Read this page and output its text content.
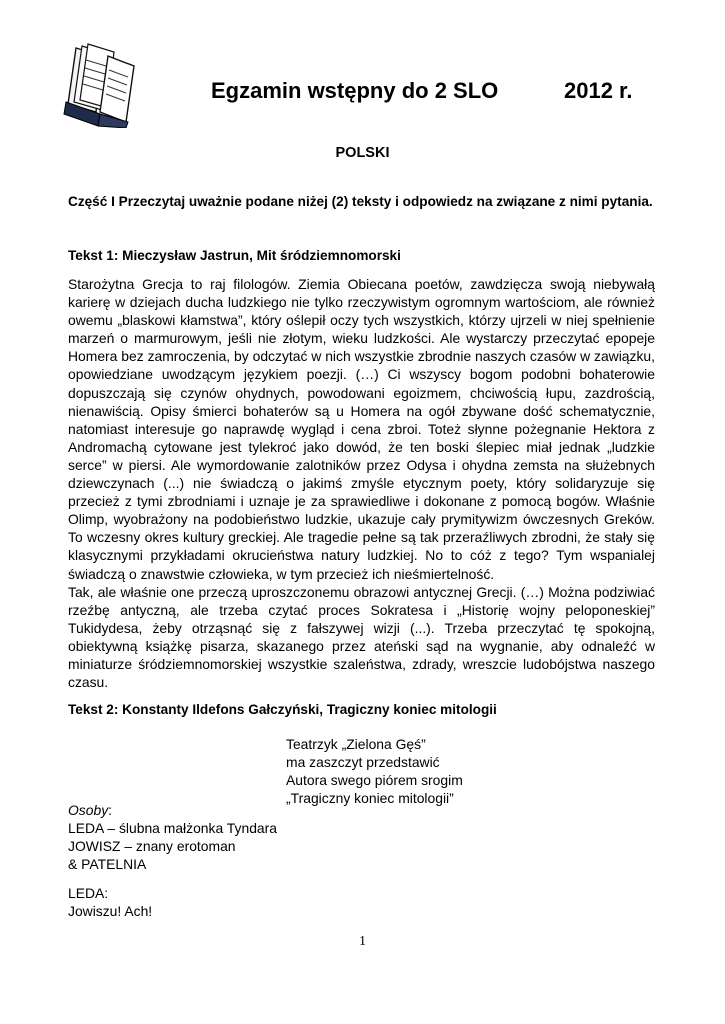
Egzamin wstępny do 2 SLO	2012 r.
POLSKI
Część I Przeczytaj uważnie podane niżej (2) teksty i odpowiedz na związane z nimi pytania.
Tekst 1: Mieczysław Jastrun, Mit śródziemnomorski
Starożytna Grecja to raj filologów. Ziemia Obiecana poetów, zawdzięcza swoją niebywałą karierę w dziejach ducha ludzkiego nie tylko rzeczywistym ogromnym wartościom, ale również owemu „blaskowi kłamstwa”, który oślepił oczy tych wszystkich, którzy ujrzeli w niej spełnienie marzeń o marmurowym, jeśli nie złotym, wieku ludzkości. Ale wystarczy przeczytać epopeje Homera bez zamroczenia, by odczytać w nich wszystkie zbrodnie naszych czasów w zawiązku, opowiedziane uwodzącym językiem poezji. (…) Ci wszyscy bogom podobni bohaterowie dopuszczają się czynów ohydnych, powodowani egoizmem, chciwością łupu, zazdrością, nienawiścią. Opisy śmierci bohaterów są u Homera na ogół zbywane dość schematycznie, natomiast interesuje go naprawdę wygląd i cena zbroi. Toteż słynne pożegnanie Hektora z Andromachą cytowane jest tylekroć jako dowód, że ten boski ślepiec miał jednak „ludzkie serce” w piersi. Ale wymordowanie zalotników przez Odysa i ohydna zemsta na służebnych dziewczynach (...) nie świadczą o jakimś zmyśle etycznym poety, który solidaryzuje się przecież z tymi zbrodniami i uznaje je za sprawiedliwe i dokonane z pomocą bogów. Właśnie Olimp, wyobrażony na podobieństwo ludzkie, ukazuje cały prymitywizm ówczesnych Greków. To wczesny okres kultury greckiej. Ale tragedie pełne są tak przeraźliwych zbrodni, że stały się klasycznymi przykładami okrucieństwa natury ludzkiej. No to cóż z tego? Tym wspanialej świadczą o znawstwie człowieka, w tym przecież ich nieśmiertelność.
Tak, ale właśnie one przeczą uproszczonemu obrazowi antycznej Grecji. (…) Można podziwiać rzeźbę antyczną, ale trzeba czytać proces Sokratesa i „Historię wojny peloponeskiej” Tukidydesa, żeby otrząsnąć się z fałszywej wizji (...). Trzeba przeczytać tę spokojną, obiektywną książkę pisarza, skazanego przez ateński sąd na wygnanie, aby odnaleźć w miniaturze śródziemnomorskiej wszystkie szaleństwa, zdrady, wreszcie ludobójstwa naszego czasu.
Tekst 2: Konstanty Ildefons Gałczyński, Tragiczny koniec mitologii
Teatrzyk „Zielona Gęś”
ma zaszczyt przedstawić
Autora swego piórem srogim
„Tragiczny koniec mitologii”
Osoby:
LEDA – ślubna małżonka Tyndara
JOWISZ – znany erotoman
& PATELNIA
LEDA:
Jowiszu! Ach!
1
